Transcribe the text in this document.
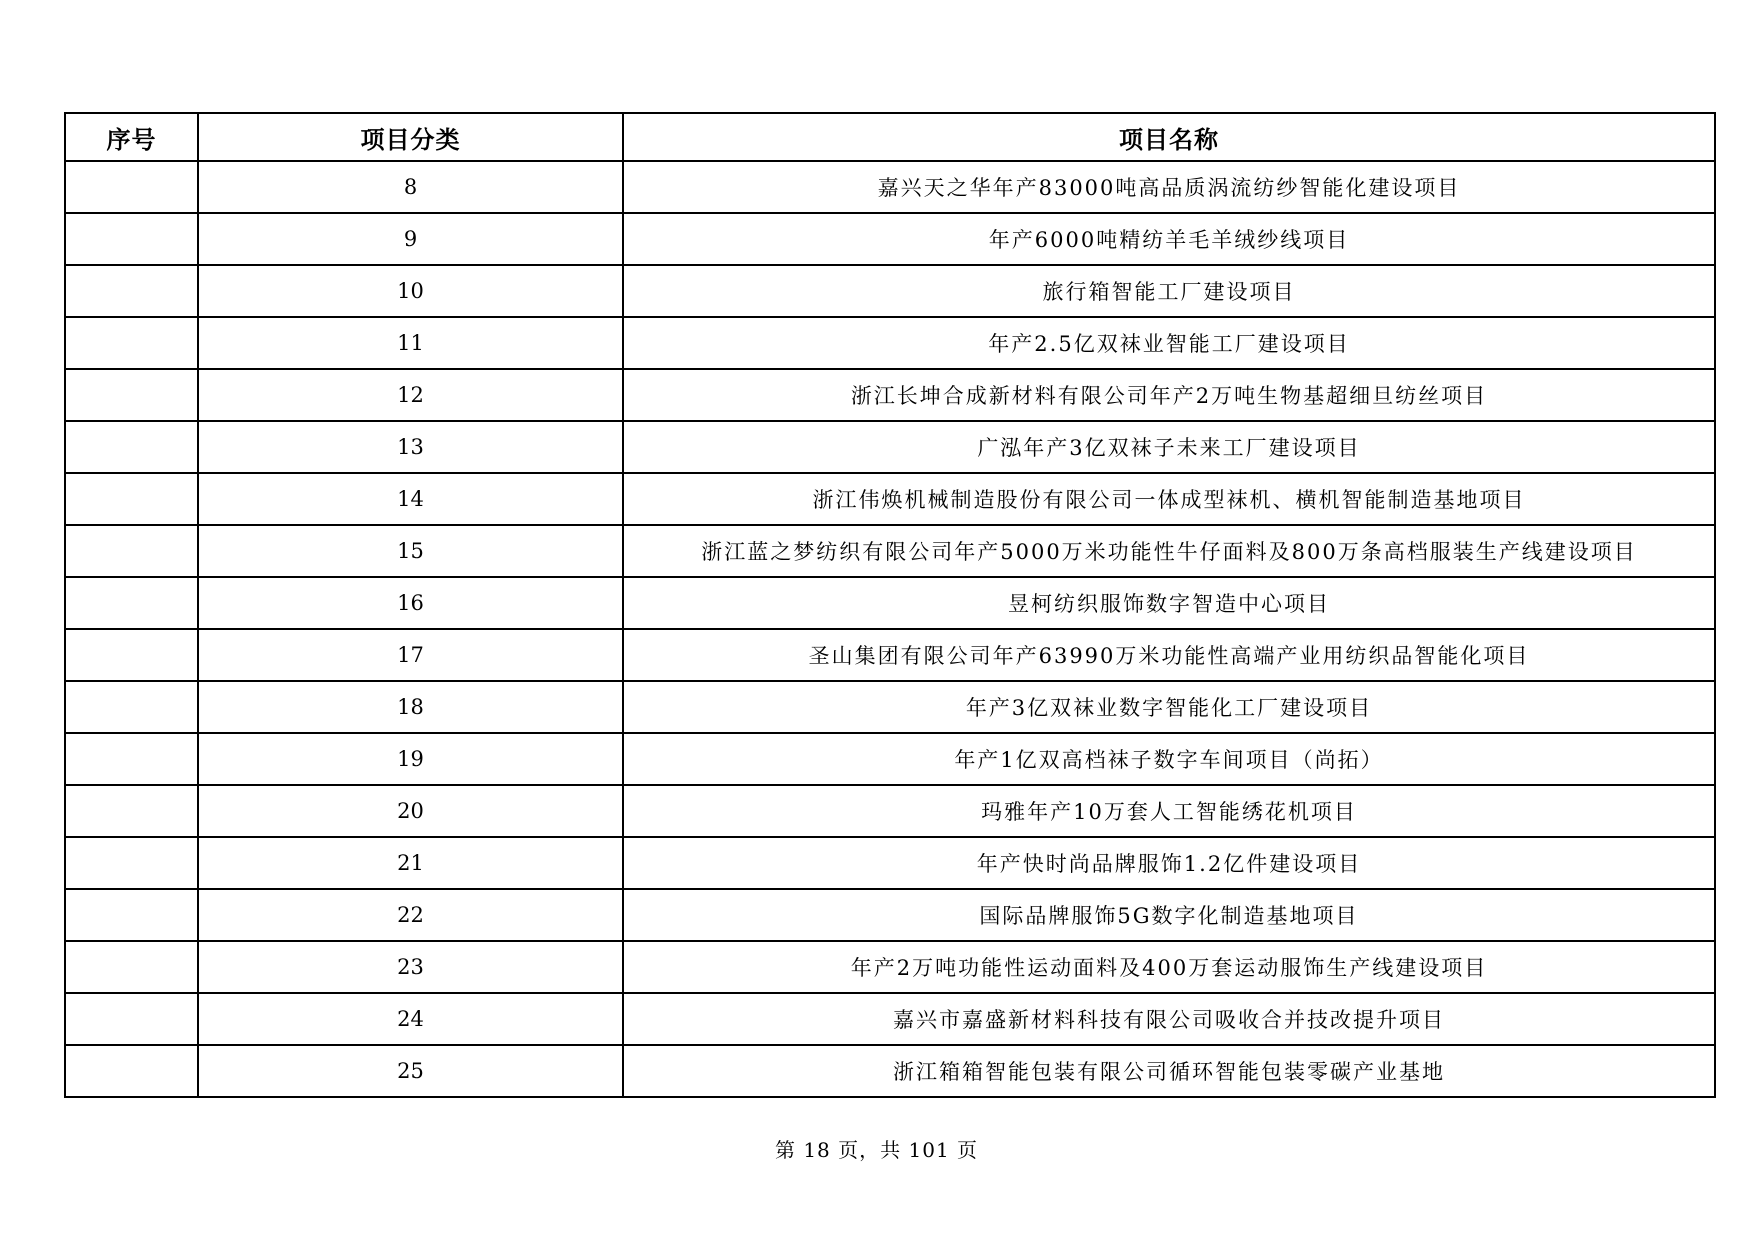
序号	项目分类	项目名称
	8	嘉兴天之华年产83000吨高品质涡流纺纱智能化建设项目
	9	年产6000吨精纺羊毛羊绒纱线项目
	10	旅行箱智能工厂建设项目
	11	年产2.5亿双袜业智能工厂建设项目
	12	浙江长坤合成新材料有限公司年产2万吨生物基超细旦纺丝项目
	13	广泓年产3亿双袜子未来工厂建设项目
	14	浙江伟焕机械制造股份有限公司一体成型袜机、横机智能制造基地项目
	15	浙江蓝之梦纺织有限公司年产5000万米功能性牛仔面料及800万条高档服装生产线建设项目
	16	昱柯纺织服饰数字智造中心项目
	17	圣山集团有限公司年产63990万米功能性高端产业用纺织品智能化项目
	18	年产3亿双袜业数字智能化工厂建设项目
	19	年产1亿双高档袜子数字车间项目（尚拓）
	20	玛雅年产10万套人工智能绣花机项目
	21	年产快时尚品牌服饰1.2亿件建设项目
	22	国际品牌服饰5G数字化制造基地项目
	23	年产2万吨功能性运动面料及400万套运动服饰生产线建设项目
	24	嘉兴市嘉盛新材料科技有限公司吸收合并技改提升项目
	25	浙江箱箱智能包装有限公司循环智能包装零碳产业基地
第 18 页，共 101 页
